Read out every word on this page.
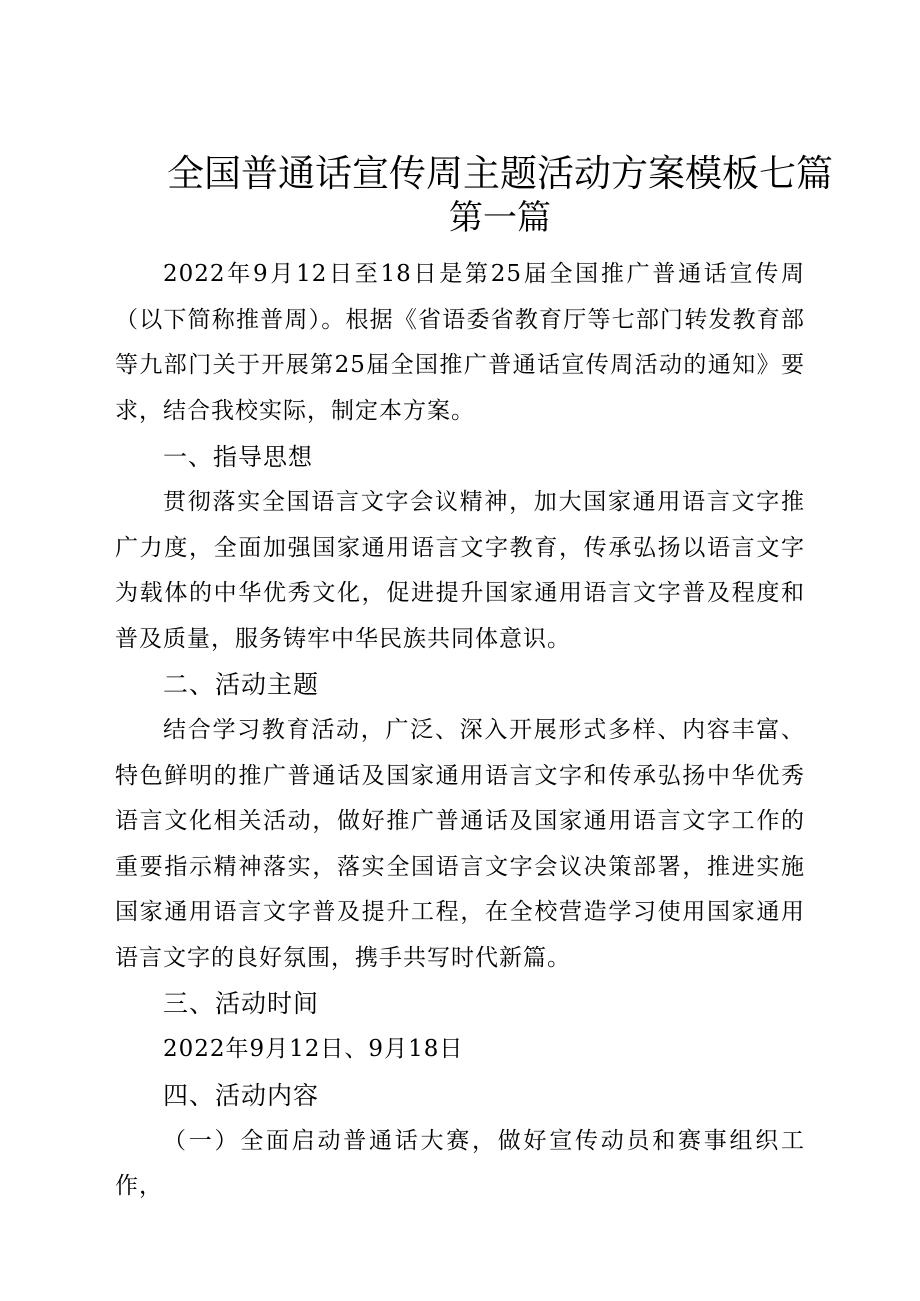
全国普通话宣传周主题活动方案模板七篇
第一篇

2022年9月12日至18日是第25届全国推广普通话宣传周（以下简称推普周）。根据《省语委省教育厅等七部门转发教育部等九部门关于开展第25届全国推广普通话宣传周活动的通知》要求，结合我校实际，制定本方案。

一、指导思想

贯彻落实全国语言文字会议精神，加大国家通用语言文字推广力度，全面加强国家通用语言文字教育，传承弘扬以语言文字为载体的中华优秀文化，促进提升国家通用语言文字普及程度和普及质量，服务铸牢中华民族共同体意识。

二、活动主题

结合学习教育活动，广泛、深入开展形式多样、内容丰富、特色鲜明的推广普通话及国家通用语言文字和传承弘扬中华优秀语言文化相关活动，做好推广普通话及国家通用语言文字工作的重要指示精神落实，落实全国语言文字会议决策部署，推进实施国家通用语言文字普及提升工程，在全校营造学习使用国家通用语言文字的良好氛围，携手共写时代新篇。

三、活动时间

2022年9月12日、9月18日

四、活动内容

（一）全面启动普通话大赛，做好宣传动员和赛事组织工作，
